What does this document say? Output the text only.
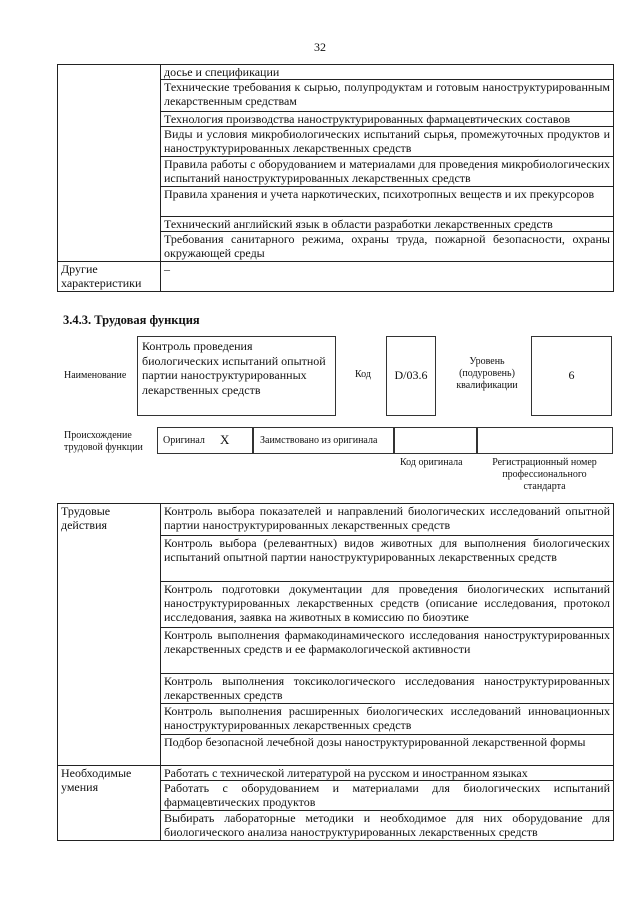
32
	досье и спецификации
	Технические требования к сырью, полупродуктам и готовым наноструктурированным лекарственным средствам
	Технология производства наноструктурированных фармацевтических составов
	Виды и условия микробиологических испытаний сырья, промежуточных продуктов и наноструктурированных лекарственных средств
	Правила работы с оборудованием и материалами для проведения микробиологических испытаний наноструктурированных лекарственных средств
	Правила хранения и учета наркотических, психотропных веществ и их прекурсоров
	Технический английский язык в области разработки лекарственных средств
	Требования санитарного режима, охраны труда, пожарной безопасности, охраны окружающей среды
Другие характеристики	–
3.4.3. Трудовая функция
Наименование
Контроль проведения биологических испытаний опытной партии наноструктурированных лекарственных средств
Код	D/03.6
Уровень (подуровень) квалификации
6
Происхождение трудовой функции
Оригинал X	Заимствовано из оригинала
Код оригинала	Регистрационный номер профессионального стандарта
Трудовые действия	Контроль выбора показателей и направлений биологических исследований опытной партии наноструктурированных лекарственных средств
	Контроль выбора (релевантных) видов животных для выполнения биологических испытаний опытной партии наноструктурированных лекарственных средств
	Контроль подготовки документации для проведения биологических испытаний наноструктурированных лекарственных средств (описание исследования, протокол исследования, заявка на животных в комиссию по биоэтике
	Контроль выполнения фармакодинамического исследования наноструктурированных лекарственных средств и ее фармакологической активности
	Контроль выполнения токсикологического исследования наноструктурированных лекарственных средств
	Контроль выполнения расширенных биологических исследований инновационных наноструктурированных лекарственных средств
	Подбор безопасной лечебной дозы наноструктурированной лекарственной формы
Необходимые умения	Работать с технической литературой на русском и иностранном языках
	Работать с оборудованием и материалами для биологических испытаний фармацевтических продуктов
	Выбирать лабораторные методики и необходимое для них оборудование для биологического анализа наноструктурированных лекарственных средств
